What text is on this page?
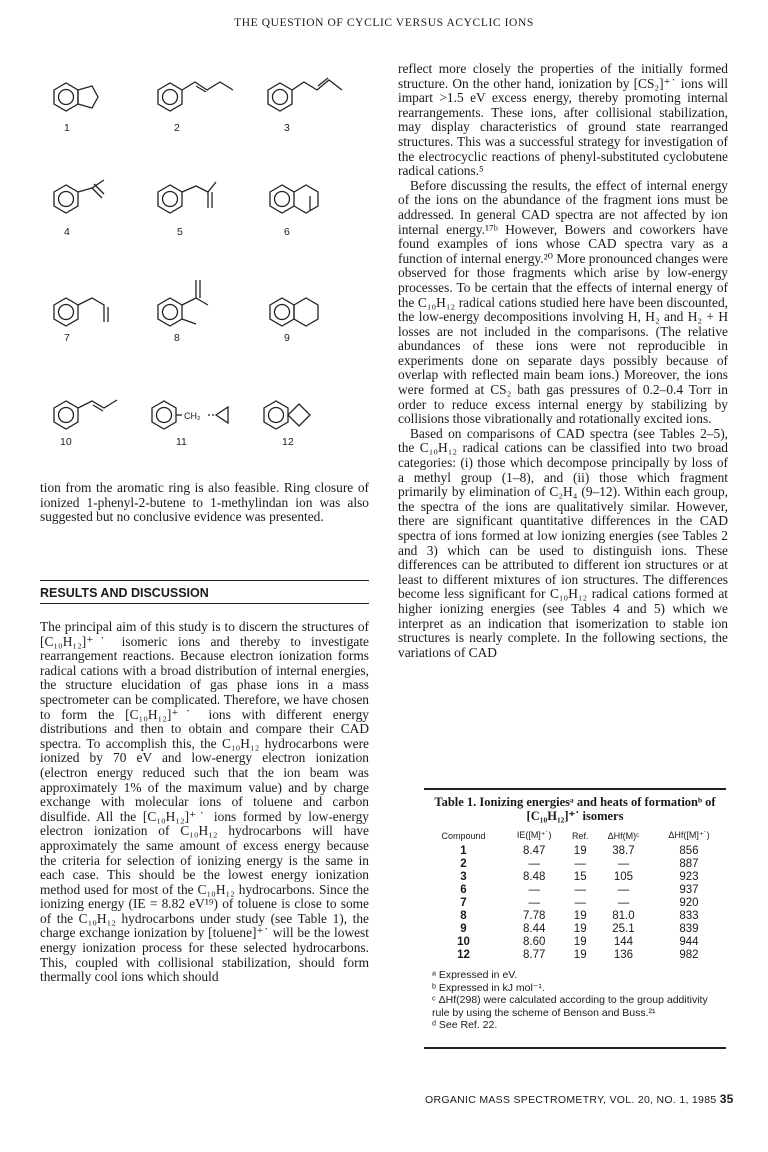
THE QUESTION OF CYCLIC VERSUS ACYCLIC IONS
CH₂
1	2	3
4	5	6
7	8	9
10	11	12

tion from the aromatic ring is also feasible. Ring closure of ionized 1-phenyl-2-butene to 1-methylindan ion was also suggested but no conclusive evidence was presented.

RESULTS AND DISCUSSION

The principal aim of this study is to discern the structures of [C₁₀H₁₂]⁺˙ isomeric ions and thereby to investigate rearrangement reactions. Because electron ionization forms radical cations with a broad distribution of internal energies, the structure elucidation of gas phase ions in a mass spectrometer can be complicated. Therefore, we have chosen to form the [C₁₀H₁₂]⁺˙ ions with different energy distributions and then to obtain and compare their CAD spectra. To accomplish this, the C₁₀H₁₂ hydrocarbons were ionized by 70 eV and low-energy electron ionization (electron energy reduced such that the ion beam was approximately 1% of the maximum value) and by charge exchange with molecular ions of toluene and carbon disulfide. All the [C₁₀H₁₂]⁺˙ ions formed by low-energy electron ionization of C₁₀H₁₂ hydrocarbons will have approximately the same amount of excess energy because the criteria for selection of ionizing energy is the same in each case. This should be the lowest energy ionization method used for most of the C₁₀H₁₂ hydrocarbons. Since the ionizing energy (IE = 8.82 eV¹⁹) of toluene is close to some of the C₁₀H₁₂ hydrocarbons under study (see Table 1), the charge exchange ionization by [toluene]⁺˙ will be the lowest energy ionization process for these selected hydrocarbons. This, coupled with collisional stabilization, should form thermally cool ions which should

reflect more closely the properties of the initially formed structure. On the other hand, ionization by [CS₂]⁺˙ ions will impart >1.5 eV excess energy, thereby promoting internal rearrangements. These ions, after collisional stabilization, may display characteristics of ground state rearranged structures. This was a successful strategy for investigation of the electrocyclic reactions of phenyl-substituted cyclobutene radical cations.⁵

Before discussing the results, the effect of internal energy of the ions on the abundance of the fragment ions must be addressed. In general CAD spectra are not affected by ion internal energy.¹⁷ᵇ However, Bowers and coworkers have found examples of ions whose CAD spectra vary as a function of internal energy.²⁰ More pronounced changes were observed for those fragments which arise by low-energy processes. To be certain that the effects of internal energy of the C₁₀H₁₂ radical cations studied here have been discounted, the low-energy decompositions involving H, H₂ and H₂ + H losses are not included in the comparisons. (The relative abundances of these ions were not reproducible in experiments done on separate days possibly because of overlap with reflected main beam ions.) Moreover, the ions were formed at CS₂ bath gas pressures of 0.2–0.4 Torr in order to reduce excess internal energy by stabilizing by collisions those vibrationally and rotationally excited ions.

Based on comparisons of CAD spectra (see Tables 2–5), the C₁₀H₁₂ radical cations can be classified into two broad categories: (i) those which decompose principally by loss of a methyl group (1–8), and (ii) those which fragment primarily by elimination of C₂H₄ (9–12). Within each group, the spectra of the ions are qualitatively similar. However, there are significant quantitative differences in the CAD spectra of ions formed at low ionizing energies (see Tables 2 and 3) which can be used to distinguish ions. These differences can be attributed to different ion structures or at least to different mixtures of ion structures. The differences become less significant for C₁₀H₁₂ radical cations formed at higher ionizing energies (see Tables 4 and 5) which we interpret as an indication that isomerization to stable ion structures is nearly complete. In the following sections, the variations of CAD

Table 1. Ionizing energiesᵃ and heats of formationᵇ of [C₁₀H₁₂]⁺˙ isomers
Compound	IE([M]⁺˙)	Ref.	ΔHf(M)ᶜ	ΔHf([M]⁺˙)
1	8.47	19	38.7	856
2	—	—	—	887
3	8.48	15	105	923
6	—	—	—	937
7	—	—	—	920
8	7.78	19	81.0	833
9	8.44	19	25.1	839
10	8.60	19	144	944
12	8.77	19	136	982
ᵃ Expressed in eV.
ᵇ Expressed in kJ mol⁻¹.
ᶜ ΔHf(298) were calculated according to the group additivity rule by using the scheme of Benson and Buss.²¹
ᵈ See Ref. 22.
ORGANIC MASS SPECTROMETRY, VOL. 20, NO. 1, 1985 35
